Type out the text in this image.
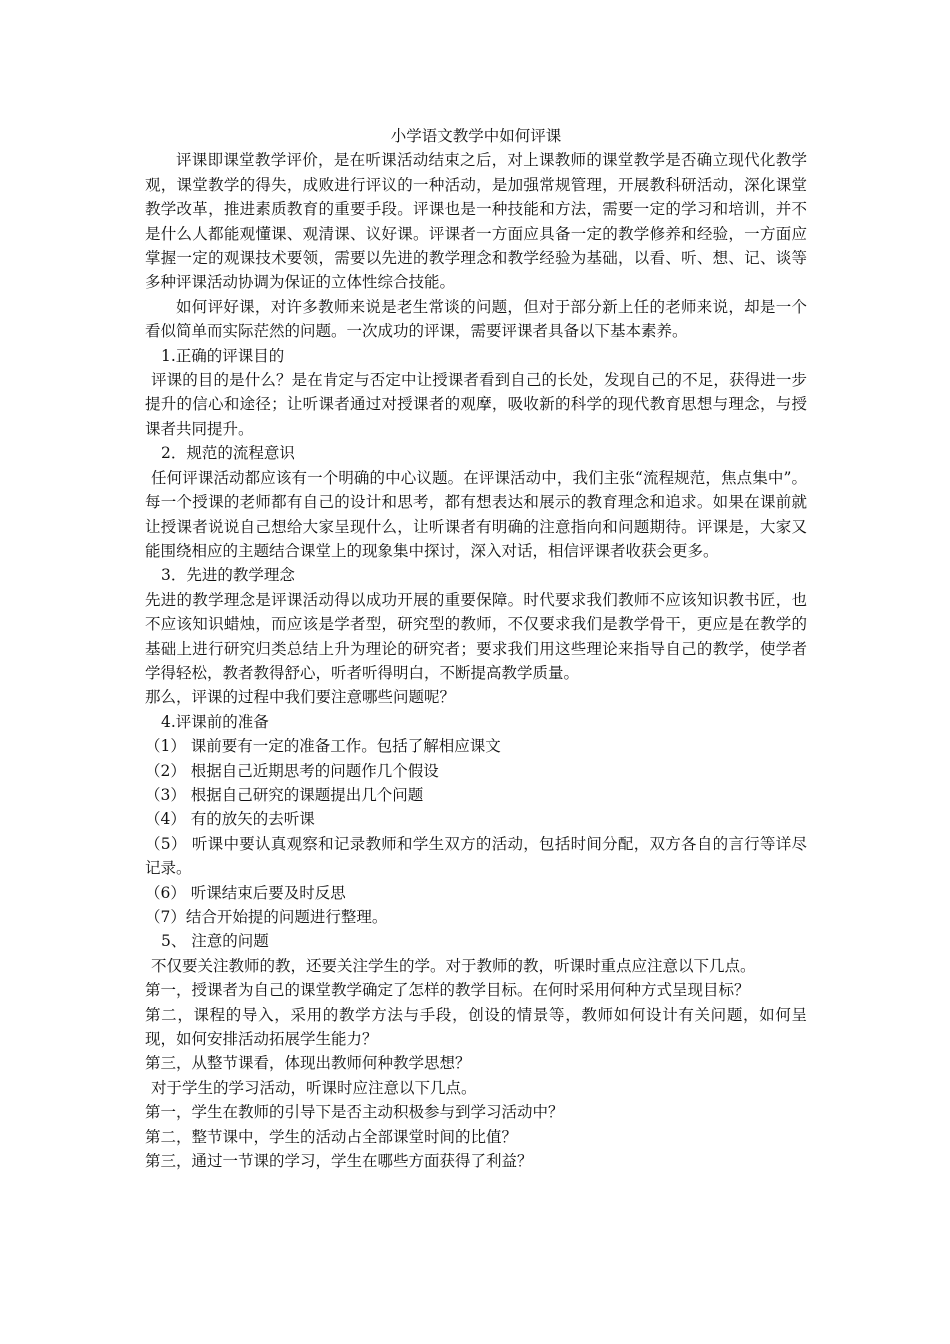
小学语文教学中如何评课

评课即课堂教学评价，是在听课活动结束之后，对上课教师的课堂教学是否确立现代化教学观，课堂教学的得失，成败进行评议的一种活动，是加强常规管理，开展教科研活动，深化课堂教学改革，推进素质教育的重要手段。评课也是一种技能和方法，需要一定的学习和培训，并不是什么人都能观懂课、观清课、议好课。评课者一方面应具备一定的教学修养和经验，一方面应掌握一定的观课技术要领，需要以先进的教学理念和教学经验为基础，以看、听、想、记、谈等多种评课活动协调为保证的立体性综合技能。

如何评好课，对许多教师来说是老生常谈的问题，但对于部分新上任的老师来说，却是一个看似简单而实际茫然的问题。一次成功的评课，需要评课者具备以下基本素养。

1.正确的评课目的

评课的目的是什么？是在肯定与否定中让授课者看到自己的长处，发现自己的不足，获得进一步提升的信心和途径；让听课者通过对授课者的观摩，吸收新的科学的现代教育思想与理念，与授课者共同提升。

2．规范的流程意识

任何评课活动都应该有一个明确的中心议题。在评课活动中，我们主张“流程规范，焦点集中”。每一个授课的老师都有自己的设计和思考，都有想表达和展示的教育理念和追求。如果在课前就让授课者说说自己想给大家呈现什么，让听课者有明确的注意指向和问题期待。评课是，大家又能围绕相应的主题结合课堂上的现象集中探讨，深入对话，相信评课者收获会更多。

3．先进的教学理念

先进的教学理念是评课活动得以成功开展的重要保障。时代要求我们教师不应该知识教书匠，也不应该知识蜡烛，而应该是学者型，研究型的教师，不仅要求我们是教学骨干，更应是在教学的基础上进行研究归类总结上升为理论的研究者；要求我们用这些理论来指导自己的教学，使学者学得轻松，教者教得舒心，听者听得明白，不断提高教学质量。

那么，评课的过程中我们要注意哪些问题呢？

4.评课前的准备

（1） 课前要有一定的准备工作。包括了解相应课文

（2） 根据自己近期思考的问题作几个假设

（3） 根据自己研究的课题提出几个问题

（4） 有的放矢的去听课

（5） 听课中要认真观察和记录教师和学生双方的活动，包括时间分配，双方各自的言行等详尽记录。

（6） 听课结束后要及时反思

（7）结合开始提的问题进行整理。

5、 注意的问题

不仅要关注教师的教，还要关注学生的学。对于教师的教，听课时重点应注意以下几点。

第一，授课者为自己的课堂教学确定了怎样的教学目标。在何时采用何种方式呈现目标？

第二，课程的导入，采用的教学方法与手段，创设的情景等，教师如何设计有关问题，如何呈现，如何安排活动拓展学生能力？

第三，从整节课看，体现出教师何种教学思想？

对于学生的学习活动，听课时应注意以下几点。

第一，学生在教师的引导下是否主动积极参与到学习活动中？

第二，整节课中，学生的活动占全部课堂时间的比值？

第三，通过一节课的学习，学生在哪些方面获得了利益？
